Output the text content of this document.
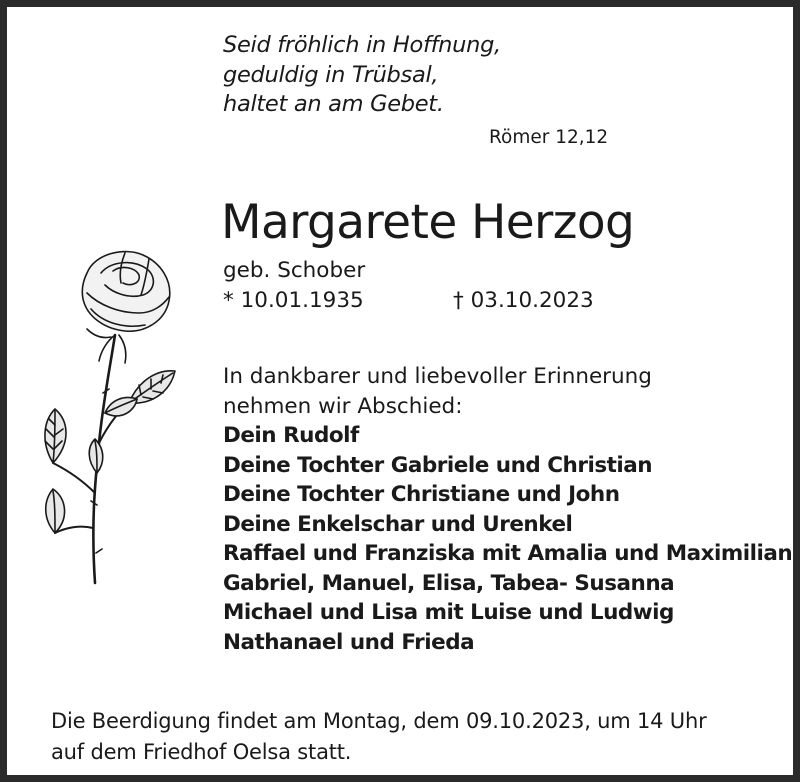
Seid fröhlich in Hoffnung,
geduldig in Trübsal,
haltet an am Gebet.
Römer 12,12
Margarete Herzog
geb. Schober
* 10.01.1935	† 03.10.2023
In dankbarer und liebevoller Erinnerung
nehmen wir Abschied:
Dein Rudolf
Deine Tochter Gabriele und Christian
Deine Tochter Christiane und John
Deine Enkelschar und Urenkel
Raffael und Franziska mit Amalia und Maximilian
Gabriel, Manuel, Elisa, Tabea- Susanna
Michael und Lisa mit Luise und Ludwig
Nathanael und Frieda
Die Beerdigung findet am Montag, dem 09.10.2023, um 14 Uhr
auf dem Friedhof Oelsa statt.
